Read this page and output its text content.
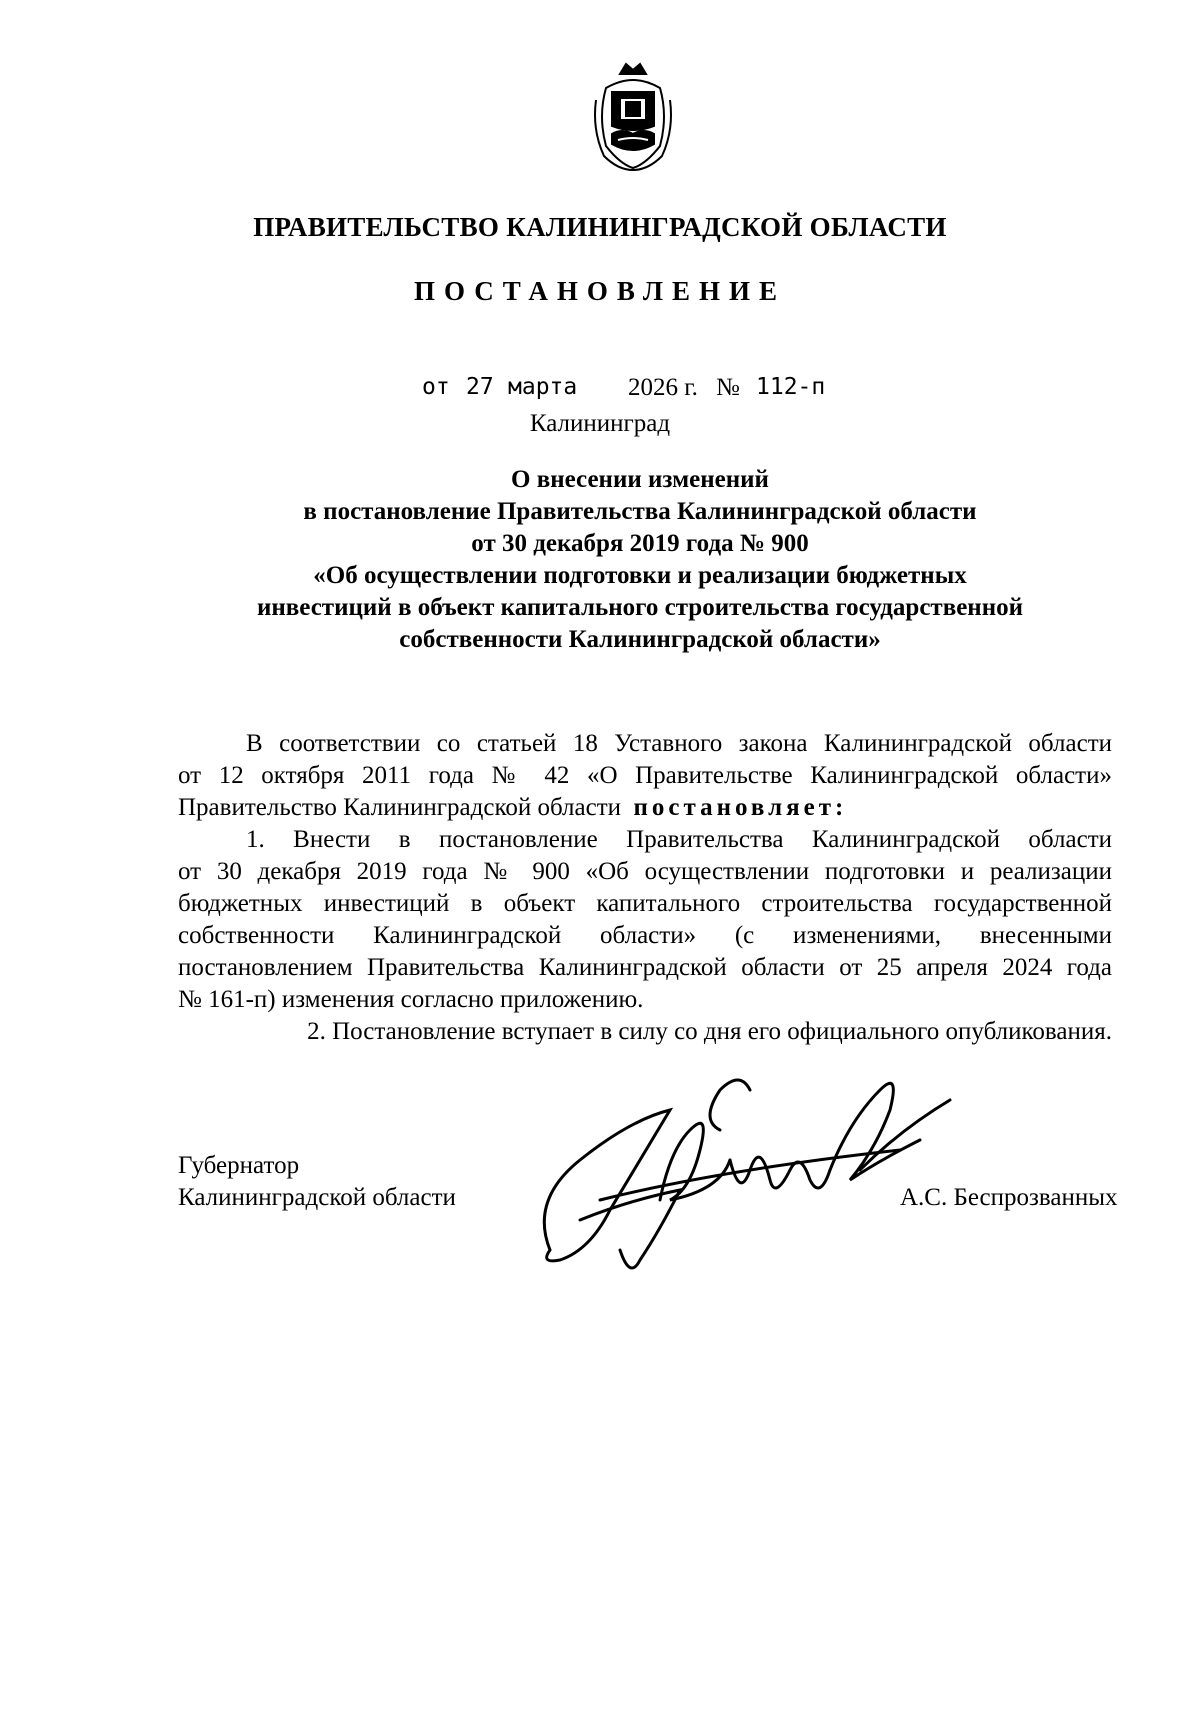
ПРАВИТЕЛЬСТВО КАЛИНИНГРАДСКОЙ ОБЛАСТИ
ПОСТАНОВЛЕНИЕ
от 27 марта 2026 г. № 112-п
Калининград
О внесении изменений
в постановление Правительства Калининградской области
от 30 декабря 2019 года № 900
«Об осуществлении подготовки и реализации бюджетных
инвестиций в объект капитального строительства государственной
собственности Калининградской области»
В соответствии со статьей 18 Уставного закона Калининградской области
от 12 октября 2011 года № 42 «О Правительстве Калининградской области»
Правительство Калининградской области постановляет:
1. Внести в постановление Правительства Калининградской области
от 30 декабря 2019 года № 900 «Об осуществлении подготовки и реализации
бюджетных инвестиций в объект капитального строительства государственной
собственности Калининградской области» (с изменениями, внесенными
постановлением Правительства Калининградской области от 25 апреля 2024 года
№ 161-п) изменения согласно приложению.
2. Постановление вступает в силу со дня его официального опубликования.
Губернатор
Калининградской области	А.С. Беспрозванных
